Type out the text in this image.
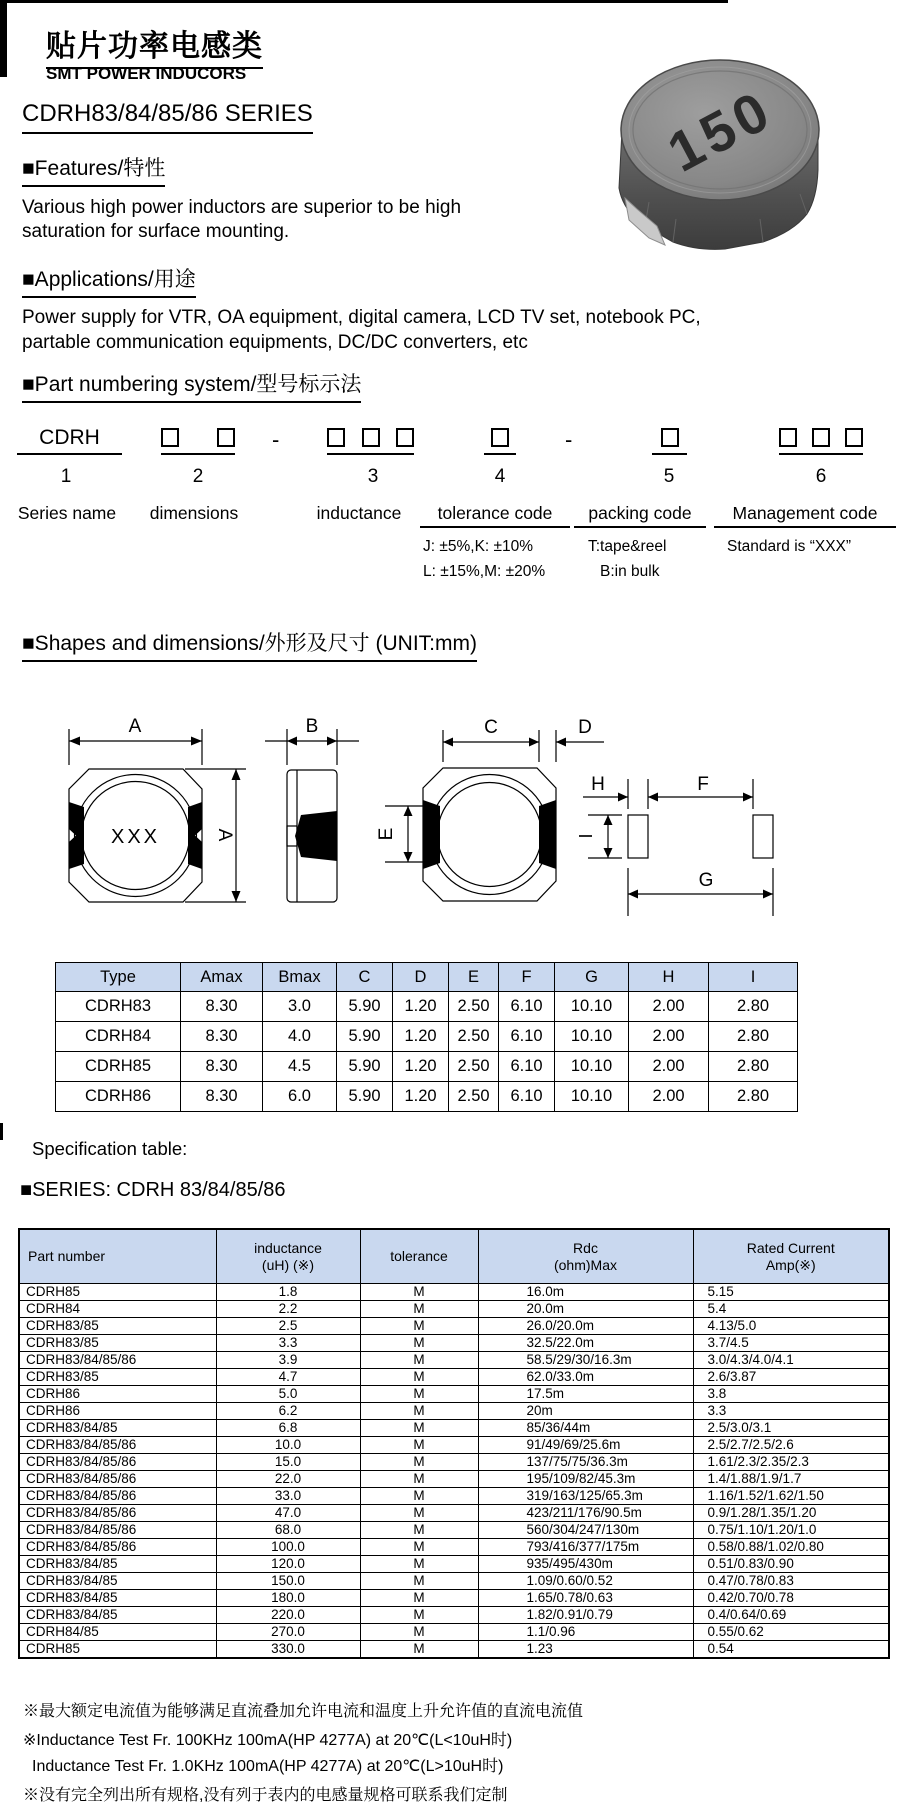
贴片功率电感类
SMT POWER INDUCORS
CDRH83/84/85/86 SERIES
■Features/特性
Various high power inductors are superior to be high
saturation for surface mounting.
■Applications/用途
Power supply for VTR, OA equipment, digital camera, LCD TV set, notebook PC,
partable communication equipments, DC/DC converters, etc
150
■Part numbering system/型号标示法
CDRH	-	-
1	2	3	4	5	6
Series name	dimensions	inductance	tolerance code	packing code	Management code
J: ±5%,K: ±10%	T:tape&reel	Standard is “XXX”
L: ±15%,M: ±20%	B:in bulk
■Shapes and dimensions/外形及尺寸 (UNIT:mm)
XXX
A
A
B	C	D
E
H	F
I
G
Type	Amax	Bmax	C	D	E	F	G	H	I
CDRH83	8.30	3.0	5.90	1.20	2.50	6.10	10.10	2.00	2.80
CDRH84	8.30	4.0	5.90	1.20	2.50	6.10	10.10	2.00	2.80
CDRH85	8.30	4.5	5.90	1.20	2.50	6.10	10.10	2.00	2.80
CDRH86	8.30	6.0	5.90	1.20	2.50	6.10	10.10	2.00	2.80
Specification table:
■SERIES: CDRH 83/84/85/86
Part number

inductance
(uH) (※)

tolerance

Rdc
(ohm)Max

Rated Current
Amp(※)

CDRH85	1.8	M	16.0m	5.15
CDRH84	2.2	M	20.0m	5.4
CDRH83/85	2.5	M	26.0/20.0m	4.13/5.0
CDRH83/85	3.3	M	32.5/22.0m	3.7/4.5
CDRH83/84/85/86	3.9	M	58.5/29/30/16.3m	3.0/4.3/4.0/4.1
CDRH83/85	4.7	M	62.0/33.0m	2.6/3.87
CDRH86	5.0	M	17.5m	3.8
CDRH86	6.2	M	20m	3.3
CDRH83/84/85	6.8	M	85/36/44m	2.5/3.0/3.1
CDRH83/84/85/86	10.0	M	91/49/69/25.6m	2.5/2.7/2.5/2.6
CDRH83/84/85/86	15.0	M	137/75/75/36.3m	1.61/2.3/2.35/2.3
CDRH83/84/85/86	22.0	M	195/109/82/45.3m	1.4/1.88/1.9/1.7
CDRH83/84/85/86	33.0	M	319/163/125/65.3m	1.16/1.52/1.62/1.50
CDRH83/84/85/86	47.0	M	423/211/176/90.5m	0.9/1.28/1.35/1.20
CDRH83/84/85/86	68.0	M	560/304/247/130m	0.75/1.10/1.20/1.0
CDRH83/84/85/86	100.0	M	793/416/377/175m	0.58/0.88/1.02/0.80
CDRH83/84/85	120.0	M	935/495/430m	0.51/0.83/0.90
CDRH83/84/85	150.0	M	1.09/0.60/0.52	0.47/0.78/0.83
CDRH83/84/85	180.0	M	1.65/0.78/0.63	0.42/0.70/0.78
CDRH83/84/85	220.0	M	1.82/0.91/0.79	0.4/0.64/0.69
CDRH84/85	270.0	M	1.1/0.96	0.55/0.62
CDRH85	330.0	M	1.23	0.54
※最大额定电流值为能够满足直流叠加允许电流和温度上升允许值的直流电流值
※Inductance Test Fr. 100KHz 100mA(HP 4277A) at 20℃(L<10uH时)
Inductance Test Fr. 1.0KHz 100mA(HP 4277A) at 20℃(L>10uH时)
※没有完全列出所有规格,没有列于表内的电感量规格可联系我们定制
